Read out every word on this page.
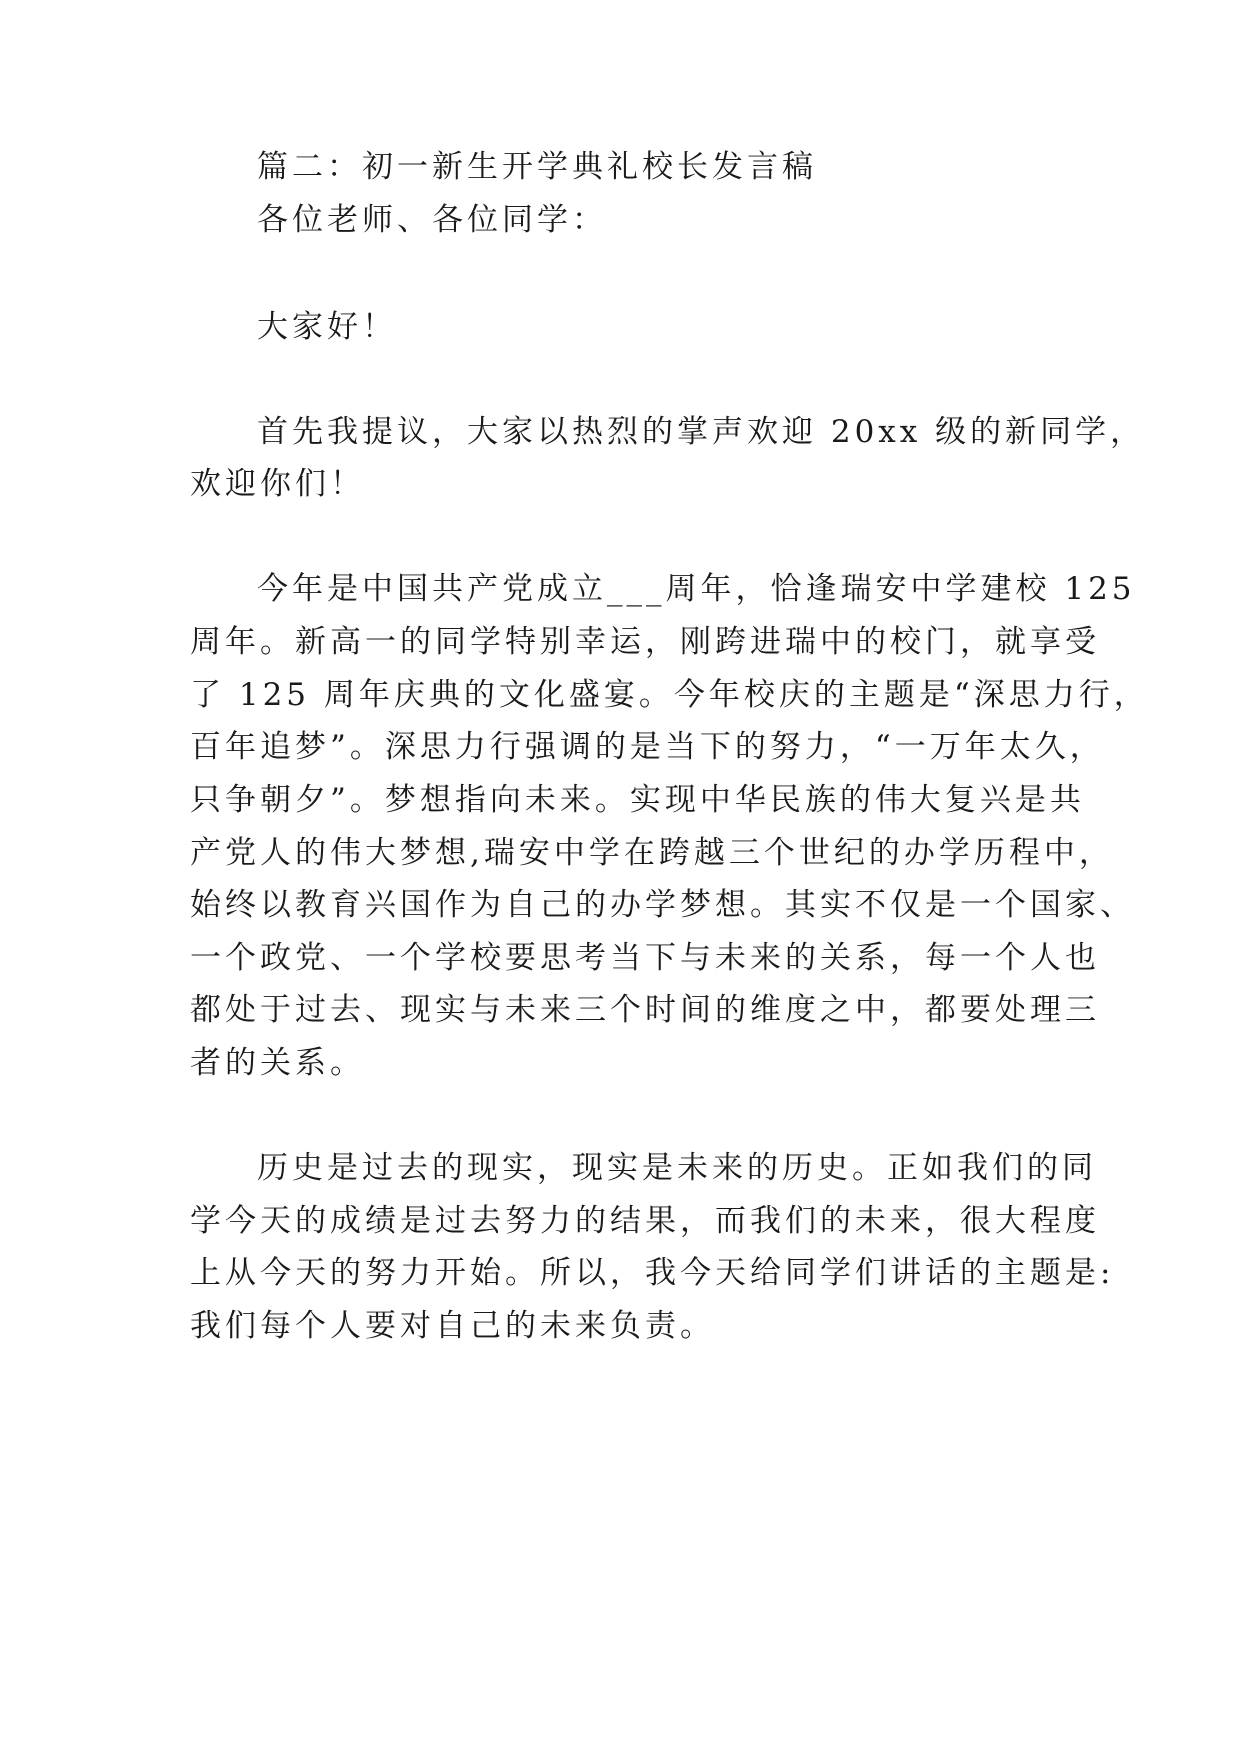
篇二：初一新生开学典礼校长发言稿
各位老师、各位同学：
大家好！
首先我提议，大家以热烈的掌声欢迎 20xx 级的新同学，
欢迎你们！
今年是中国共产党成立___周年，恰逢瑞安中学建校 125
周年。新高一的同学特别幸运，刚跨进瑞中的校门，就享受
了 125 周年庆典的文化盛宴。今年校庆的主题是“深思力行，
百年追梦”。深思力行强调的是当下的努力，“一万年太久，
只争朝夕”。梦想指向未来。实现中华民族的伟大复兴是共
产党人的伟大梦想,瑞安中学在跨越三个世纪的办学历程中，
始终以教育兴国作为自己的办学梦想。其实不仅是一个国家、
一个政党、一个学校要思考当下与未来的关系，每一个人也
都处于过去、现实与未来三个时间的维度之中，都要处理三
者的关系。
历史是过去的现实，现实是未来的历史。正如我们的同
学今天的成绩是过去努力的结果，而我们的未来，很大程度
上从今天的努力开始。所以，我今天给同学们讲话的主题是:
我们每个人要对自己的未来负责。
